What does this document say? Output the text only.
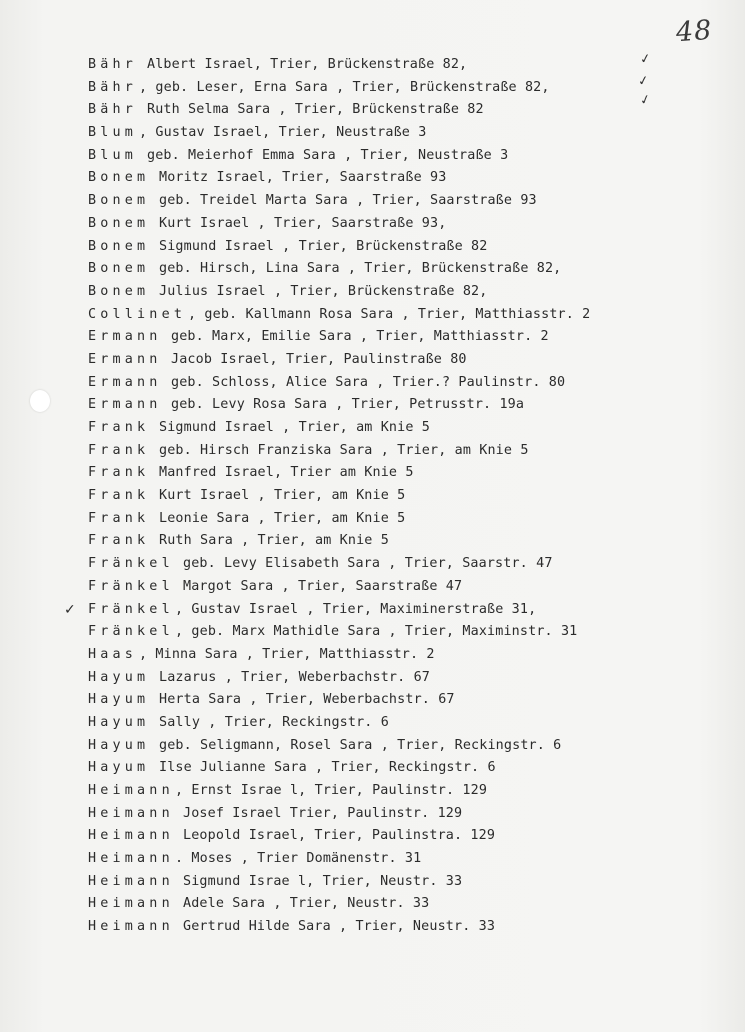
48
✓
✓
✓
Bähr Albert Israel, Trier, Brückenstraße 82,
Bähr , geb. Leser, Erna Sara , Trier, Brückenstraße 82,
Bähr Ruth Selma Sara , Trier, Brückenstraße 82
Blum , Gustav Israel, Trier, Neustraße 3
Blum geb. Meierhof Emma Sara , Trier, Neustraße 3
Bonem Moritz Israel, Trier, Saarstraße 93
Bonem geb. Treidel Marta Sara , Trier, Saarstraße 93
Bonem Kurt Israel , Trier, Saarstraße 93,
Bonem Sigmund Israel , Trier, Brückenstraße 82
Bonem geb. Hirsch, Lina Sara , Trier, Brückenstraße 82,
Bonem Julius Israel , Trier, Brückenstraße 82,
Collinet , geb. Kallmann Rosa Sara , Trier, Matthiasstr. 2
Ermann geb. Marx, Emilie Sara , Trier, Matthiasstr. 2
Ermann Jacob Israel, Trier, Paulinstraße 80
Ermann geb. Schloss, Alice Sara , Trier.? Paulinstr. 80
Ermann geb. Levy Rosa Sara , Trier, Petrusstr. 19a
Frank Sigmund Israel , Trier, am Knie 5
Frank geb. Hirsch Franziska Sara , Trier, am Knie 5
Frank Manfred Israel, Trier am Knie 5
Frank Kurt Israel , Trier, am Knie 5
Frank Leonie Sara , Trier, am Knie 5
Frank Ruth Sara , Trier, am Knie 5
Fränkel geb. Levy Elisabeth Sara , Trier, Saarstr. 47
Fränkel Margot Sara , Trier, Saarstraße 47
✓ Fränkel , Gustav Israel , Trier, Maximinerstraße 31,
Fränkel , geb. Marx Mathidle Sara , Trier, Maximinstr. 31
Haas , Minna Sara , Trier, Matthiasstr. 2
Hayum Lazarus , Trier, Weberbachstr. 67
Hayum Herta Sara , Trier, Weberbachstr. 67
Hayum Sally , Trier, Reckingstr. 6
Hayum geb. Seligmann, Rosel Sara , Trier, Reckingstr. 6
Hayum Ilse Julianne Sara , Trier, Reckingstr. 6
Heimann , Ernst Israe l, Trier, Paulinstr. 129
Heimann Josef Israel Trier, Paulinstr. 129
Heimann Leopold Israel, Trier, Paulinstra. 129
Heimann . Moses , Trier Domänenstr. 31
Heimann Sigmund Israe l, Trier, Neustr. 33
Heimann Adele Sara , Trier, Neustr. 33
Heimann Gertrud Hilde Sara , Trier, Neustr. 33
